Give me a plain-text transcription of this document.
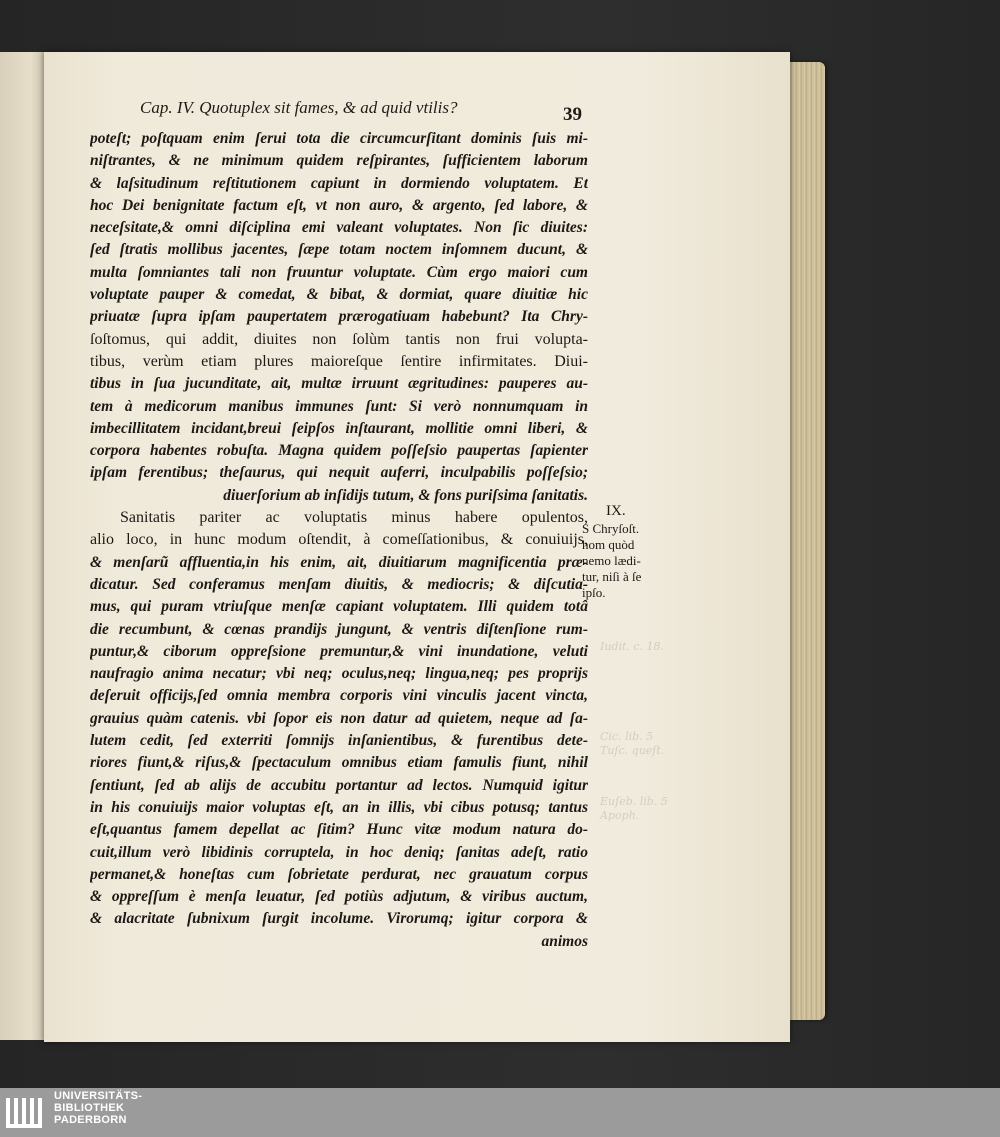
Iudit. c. 18.
Cic. lib. 5
Tuſc. queſt.
Euſeb. lib. 5
Apoph.
Cap. IV. Quotuplex sit fames, & ad quid vtilis?	39
poteſt; poſtquam enim ſerui tota die circumcurſitant dominis ſuis mi-
niſtrantes, & ne minimum quidem reſpirantes, ſufficientem laborum
& laſsitudinum reſtitutionem capiunt in dormiendo voluptatem. Et
hoc Dei benignitate factum eſt, vt non auro, & argento, ſed labore, &
neceſsitate,& omni diſciplina emi valeant voluptates. Non ſic diuites:
ſed ſtratis mollibus jacentes, ſæpe totam noctem inſomnem ducunt, &
multa ſomniantes tali non fruuntur voluptate. Cùm ergo maiori cum
voluptate pauper & comedat, & bibat, & dormiat, quare diuitiæ hic
priuatæ ſupra ipſam paupertatem prærogatiuam habebunt? Ita Chry-
ſoſtomus, qui addit, diuites non ſolùm tantis non frui volupta-
tibus, verùm etiam plures maioreſque ſentire infirmitates. Diui-
tibus in ſua jucunditate, ait, multæ irruunt ægritudines: pauperes au-
tem à medicorum manibus immunes ſunt: Si verò nonnumquam in
imbecillitatem incidant,breui ſeipſos inſtaurant, mollitie omni liberi, &
corpora habentes robuſta. Magna quidem poſſeſsio paupertas ſapienter
ipſam ferentibus; theſaurus, qui nequit auferri, inculpabilis poſſeſsio;
diuerſorium ab inſidijs tutum, & fons puriſsima ſanitatis.
Sanitatis pariter ac voluptatis minus habere opulentos,
alio loco, in hunc modum oſtendit, à comeſſationibus, & conuiuijs,
& menſarũ affluentia,in his enim, ait, diuitiarum magnificentia præ-
dicatur. Sed conferamus menſam diuitis, & mediocris; & diſcutia-
mus, qui puram vtriuſque menſæ capiant voluptatem. Illi quidem totâ
die recumbunt, & cœnas prandijs jungunt, & ventris diſtenſione rum-
puntur,& ciborum oppreſsione premuntur,& vini inundatione, veluti
naufragio anima necatur; vbi neq; oculus,neq; lingua,neq; pes proprijs
deſeruit officijs,ſed omnia membra corporis vini vinculis jacent vincta,
grauius quàm catenis. vbi ſopor eis non datur ad quietem, neque ad ſa-
lutem cedit, ſed exterriti ſomnijs inſanientibus, & furentibus dete-
riores fiunt,& riſus,& ſpectaculum omnibus etiam famulis fiunt, nihil
ſentiunt, ſed ab alijs de accubitu portantur ad lectos. Numquid igitur
in his conuiuijs maior voluptas eſt, an in illis, vbi cibus potusq; tantus
eſt,quantus famem depellat ac ſitim? Hunc vitæ modum natura do-
cuit,illum verò libidinis corruptela, in hoc deniq; ſanitas adeſt, ratio
permanet,& honeſtas cum ſobrietate perdurat, nec grauatum corpus
& oppreſſum è menſa leuatur, ſed potiùs adjutum, & viribus auctum,
& alacritate ſubnixum ſurgit incolume. Virorumq; igitur corpora &
animos
IX.
S Chryſoſt.
hom quòd
nemo lædi-
tur, niſi à ſe
ipſo.
UNIVERSITÄTS-
BIBLIOTHEK
PADERBORN
